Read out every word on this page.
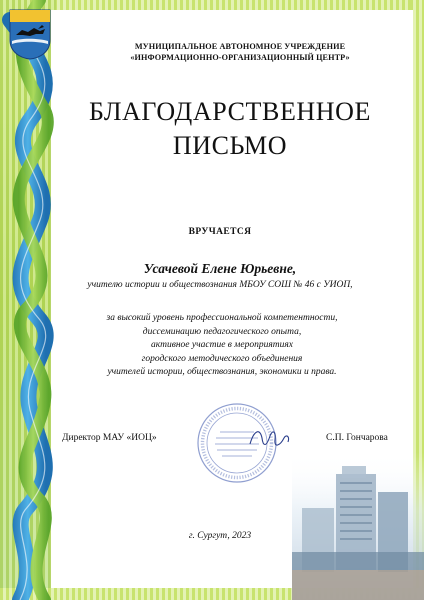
МУНИЦИПАЛЬНОЕ АВТОНОМНОЕ УЧРЕЖДЕНИЕ
«ИНФОРМАЦИОННО-ОРГАНИЗАЦИОННЫЙ ЦЕНТР»
БЛАГОДАРСТВЕННОЕ
ПИСЬМО
ВРУЧАЕТСЯ
Усачевой Елене Юрьевне,
учителю истории и обществознания МБОУ СОШ № 46 с УИОП,
за высокий уровень профессиональной компетентности,
диссеминацию педагогического опыта,
активное участие в мероприятиях
городского методического объединения
учителей истории, обществознания, экономики и права.
Директор МАУ «ИОЦ»	С.П. Гончарова
г. Сургут, 2023
